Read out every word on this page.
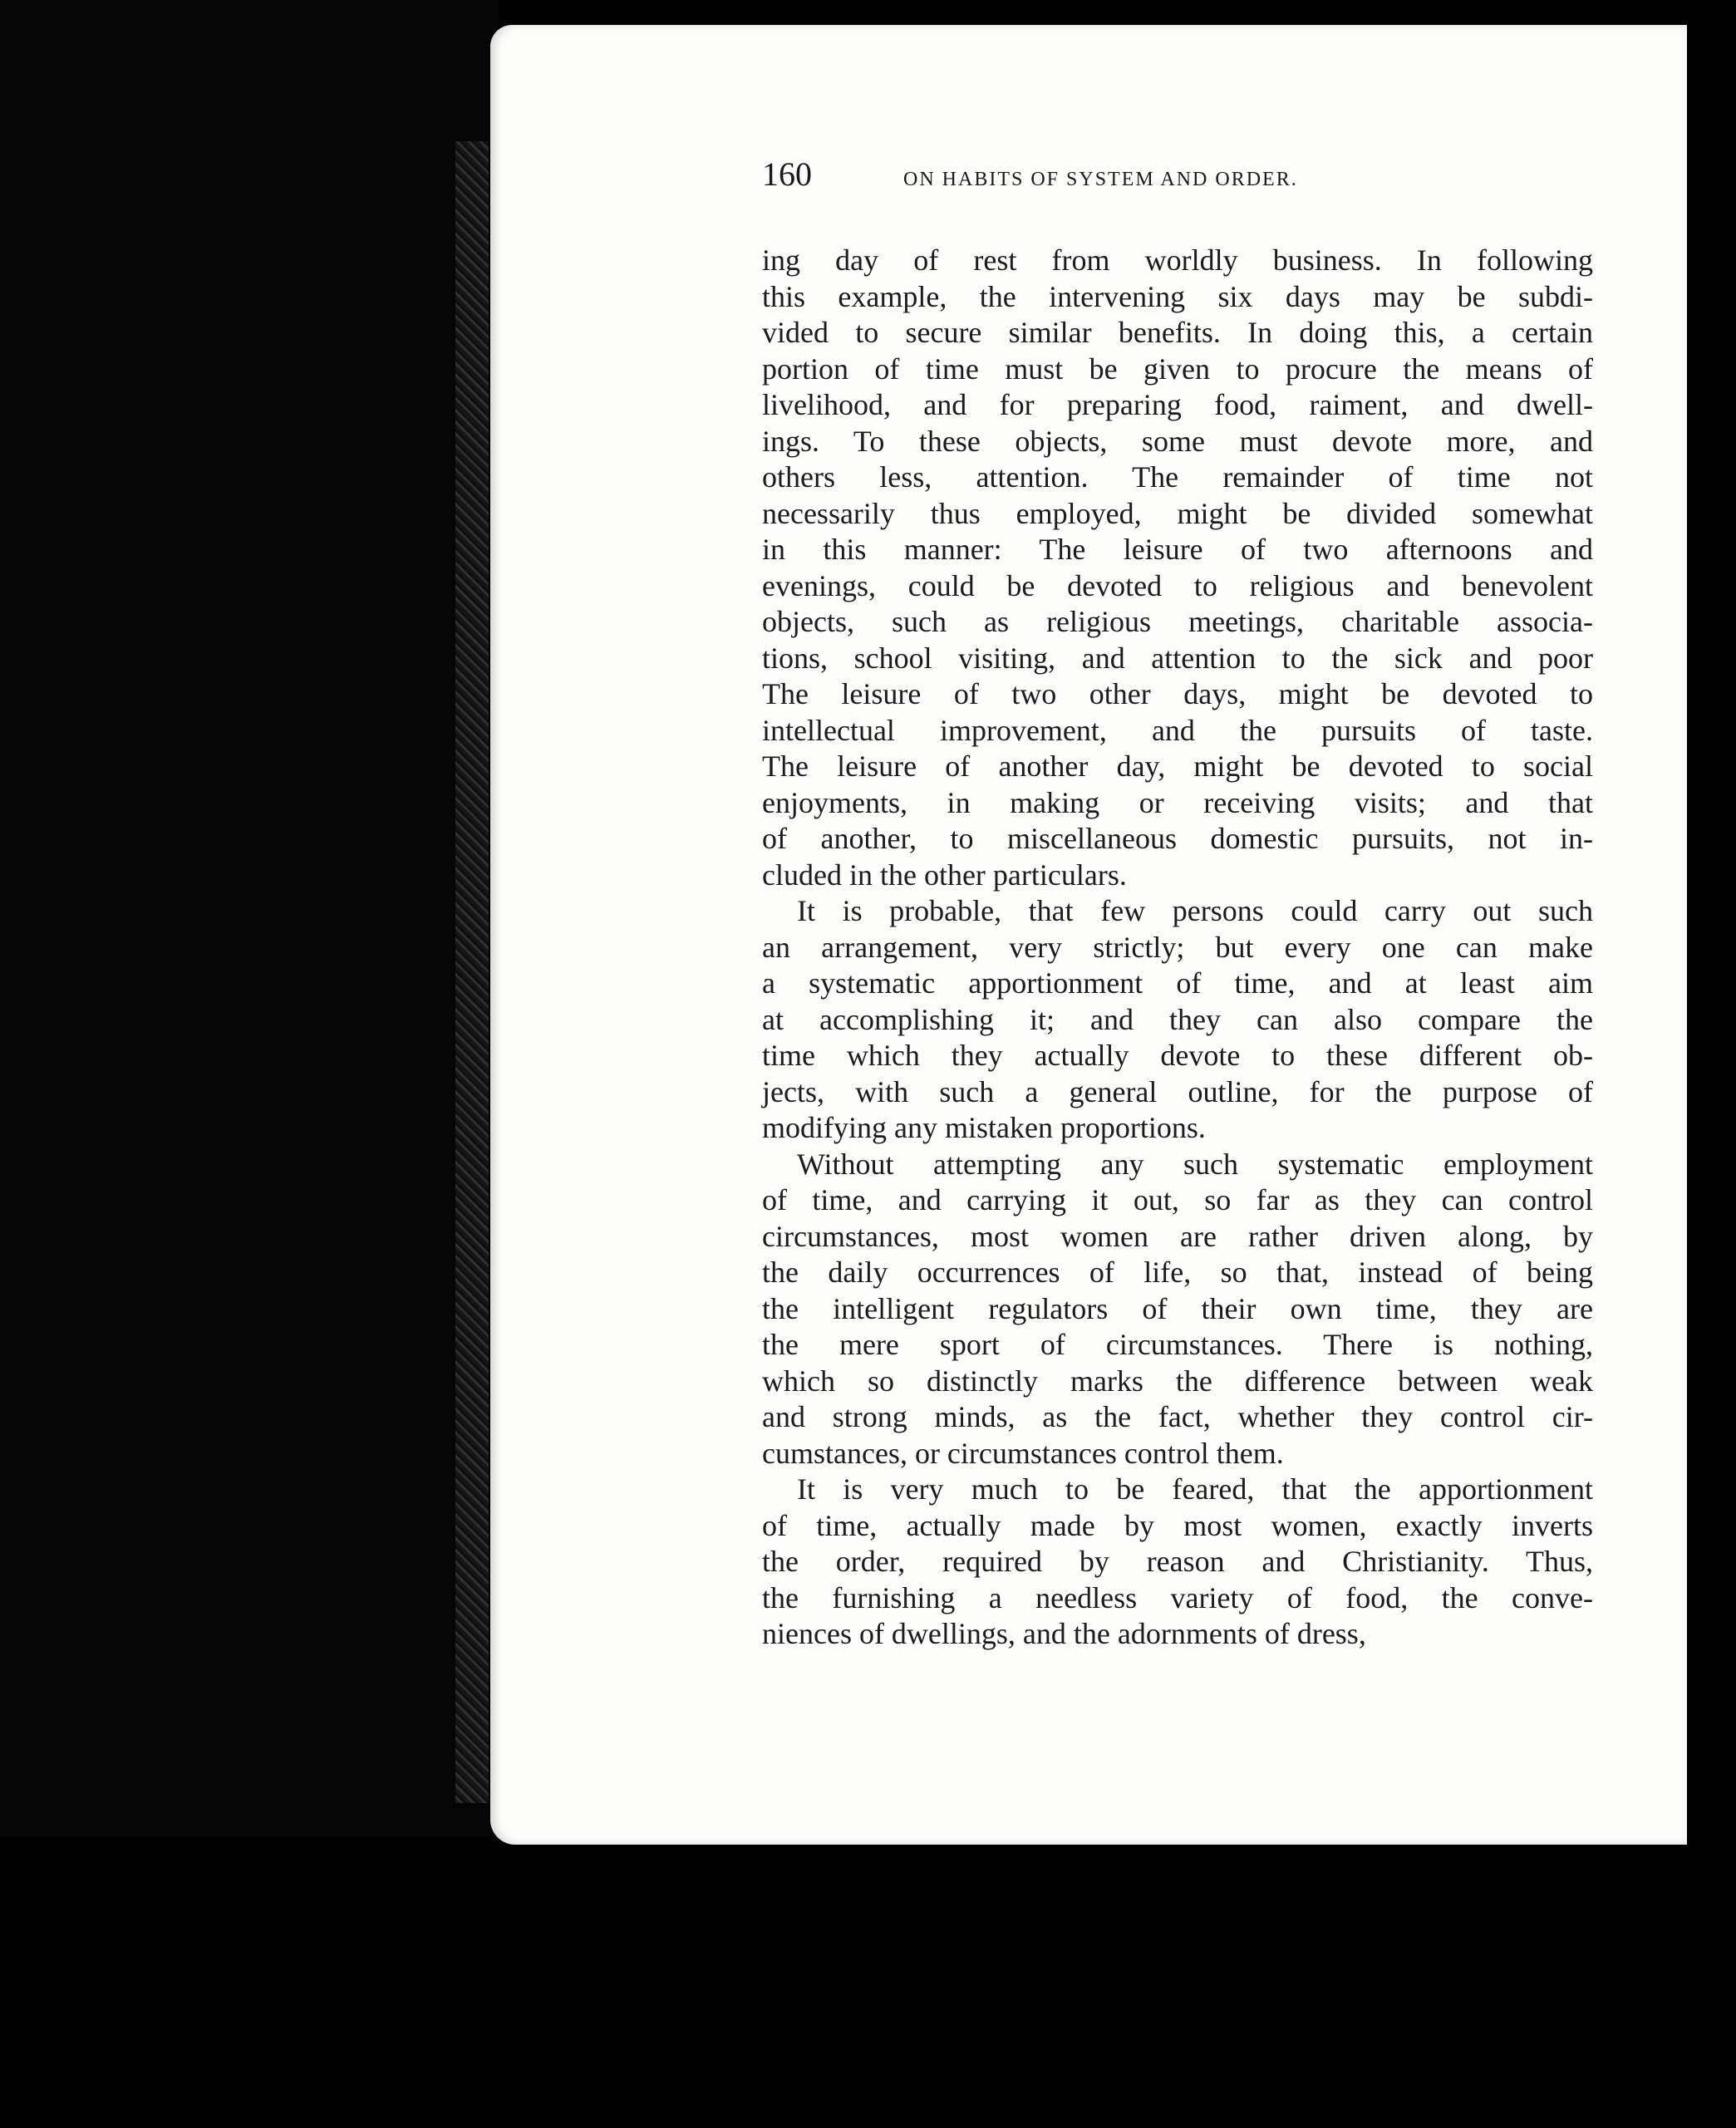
160	ON HABITS OF SYSTEM AND ORDER.
ing day of rest from worldly business. In following
this example, the intervening six days may be subdi-
vided to secure similar benefits. In doing this, a certain
portion of time must be given to procure the means of
livelihood, and for preparing food, raiment, and dwell-
ings. To these objects, some must devote more, and
others less, attention. The remainder of time not
necessarily thus employed, might be divided somewhat
in this manner: The leisure of two afternoons and
evenings, could be devoted to religious and benevolent
objects, such as religious meetings, charitable associa-
tions, school visiting, and attention to the sick and poor
The leisure of two other days, might be devoted to
intellectual improvement, and the pursuits of taste.
The leisure of another day, might be devoted to social
enjoyments, in making or receiving visits; and that
of another, to miscellaneous domestic pursuits, not in-
cluded in the other particulars.
It is probable, that few persons could carry out such
an arrangement, very strictly; but every one can make
a systematic apportionment of time, and at least aim
at accomplishing it; and they can also compare the
time which they actually devote to these different ob-
jects, with such a general outline, for the purpose of
modifying any mistaken proportions.
Without attempting any such systematic employment
of time, and carrying it out, so far as they can control
circumstances, most women are rather driven along, by
the daily occurrences of life, so that, instead of being
the intelligent regulators of their own time, they are
the mere sport of circumstances. There is nothing,
which so distinctly marks the difference between weak
and strong minds, as the fact, whether they control cir-
cumstances, or circumstances control them.
It is very much to be feared, that the apportionment
of time, actually made by most women, exactly inverts
the order, required by reason and Christianity. Thus,
the furnishing a needless variety of food, the conve-
niences of dwellings, and the adornments of dress,
